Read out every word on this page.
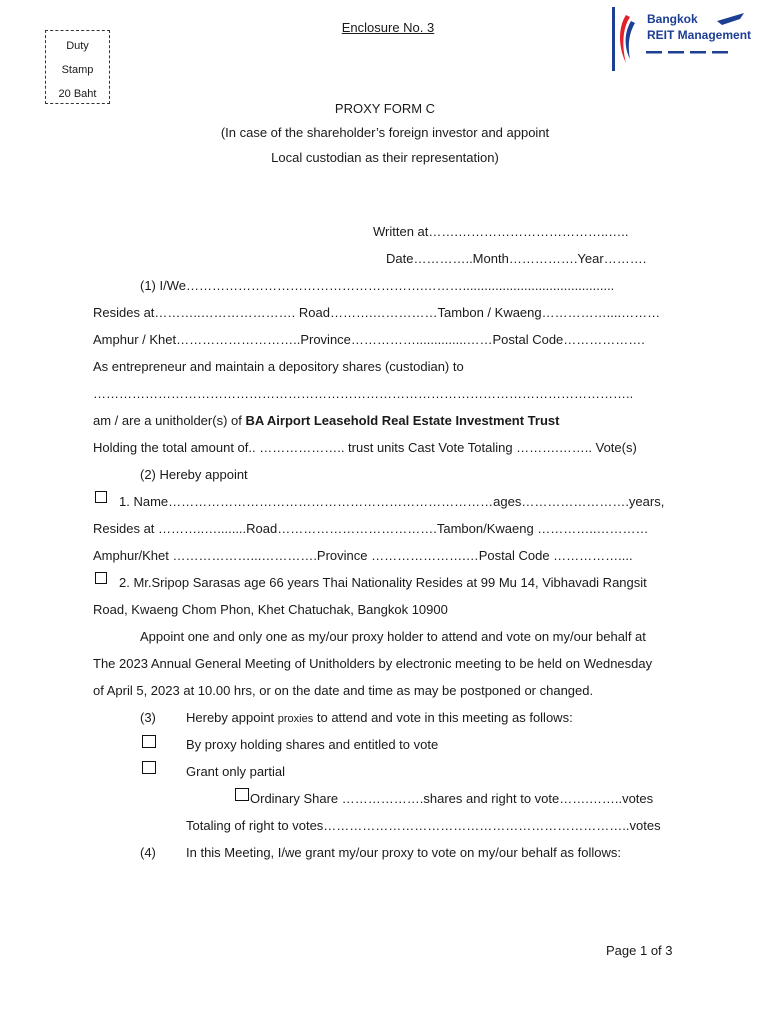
Duty
Stamp
20 Baht
Enclosure No. 3
Bangkok
REIT Management
PROXY FORM C
(In case of the shareholder’s foreign investor and appoint
Local custodian as their representation)
Written at…….……………………………..…..
Date…………..Month…………….Year……….
(1) I/We……………………………………………….………..........................................
Resides at………..…………………. Road……….……………Tambon / Kwaeng……………....………
Amphur / Khet………………………..Province……………..............……Postal Code……………….
As entrepreneur and maintain a depository shares (custodian) to
……………………………………………………………………………………………………………..
am / are a unitholder(s) of BA Airport Leasehold Real Estate Investment Trust
Holding the total amount of.. ……………….. trust units Cast Vote Totaling ……….…….. Vote(s)
(2) Hereby appoint
1. Name…………………………………………………………………ages…………………….years,
Resides at ………..…........Road……………………………….Tambon/Kwaeng …………..…………
Amphur/Khet ………………...………….Province ………………….…Postal Code ……………....
2. Mr.Sripop Sarasas age 66 years Thai Nationality Resides at 99 Mu 14, Vibhavadi Rangsit
Road, Kwaeng Chom Phon, Khet Chatuchak, Bangkok 10900
Appoint one and only one as my/our proxy holder to attend and vote on my/our behalf at
The 2023 Annual General Meeting of Unitholders by electronic meeting to be held on Wednesday
of April 5, 2023 at 10.00 hrs, or on the date and time as may be postponed or changed.
(3) Hereby appoint proxies to attend and vote in this meeting as follows:
By proxy holding shares and entitled to vote
Grant only partial
Ordinary Share ……………….shares and right to vote…….……..votes
Totaling of right to votes……………………………………………………………..votes
(4) In this Meeting, I/we grant my/our proxy to vote on my/our behalf as follows:
Page 1 of 3
